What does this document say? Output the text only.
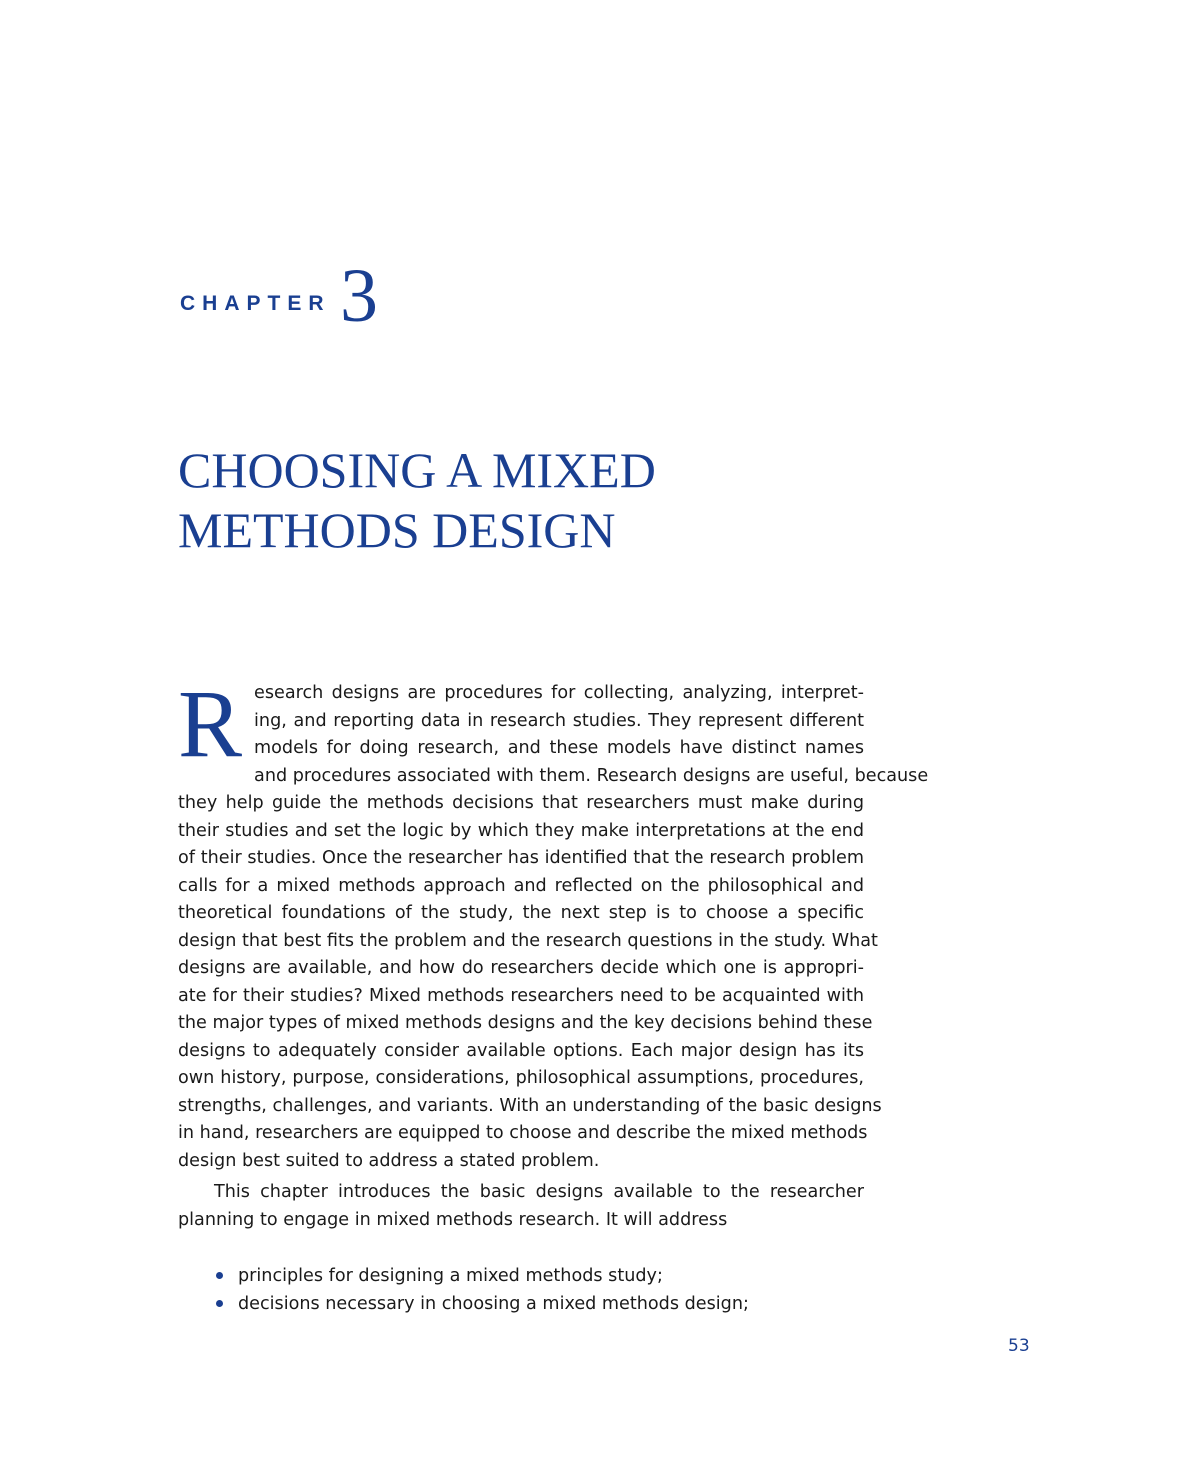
CHAPTER 3
CHOOSING A MIXED
METHODS DESIGN
R esearch designs are procedures for collecting, analyzing, interpret-
ing, and reporting data in research studies. They represent different
models for doing research, and these models have distinct names
and procedures associated with them. Research designs are useful, because
they help guide the methods decisions that researchers must make during
their studies and set the logic by which they make interpretations at the end
of their studies. Once the researcher has identified that the research problem
calls for a mixed methods approach and reflected on the philosophical and
theoretical foundations of the study, the next step is to choose a specific
design that best fits the problem and the research questions in the study. What
designs are available, and how do researchers decide which one is appropri-
ate for their studies? Mixed methods researchers need to be acquainted with
the major types of mixed methods designs and the key decisions behind these
designs to adequately consider available options. Each major design has its
own history, purpose, considerations, philosophical assumptions, procedures,
strengths, challenges, and variants. With an understanding of the basic designs
in hand, researchers are equipped to choose and describe the mixed methods
design best suited to address a stated problem.
This chapter introduces the basic designs available to the researcher
planning to engage in mixed methods research. It will address
principles for designing a mixed methods study;
decisions necessary in choosing a mixed methods design;
53
